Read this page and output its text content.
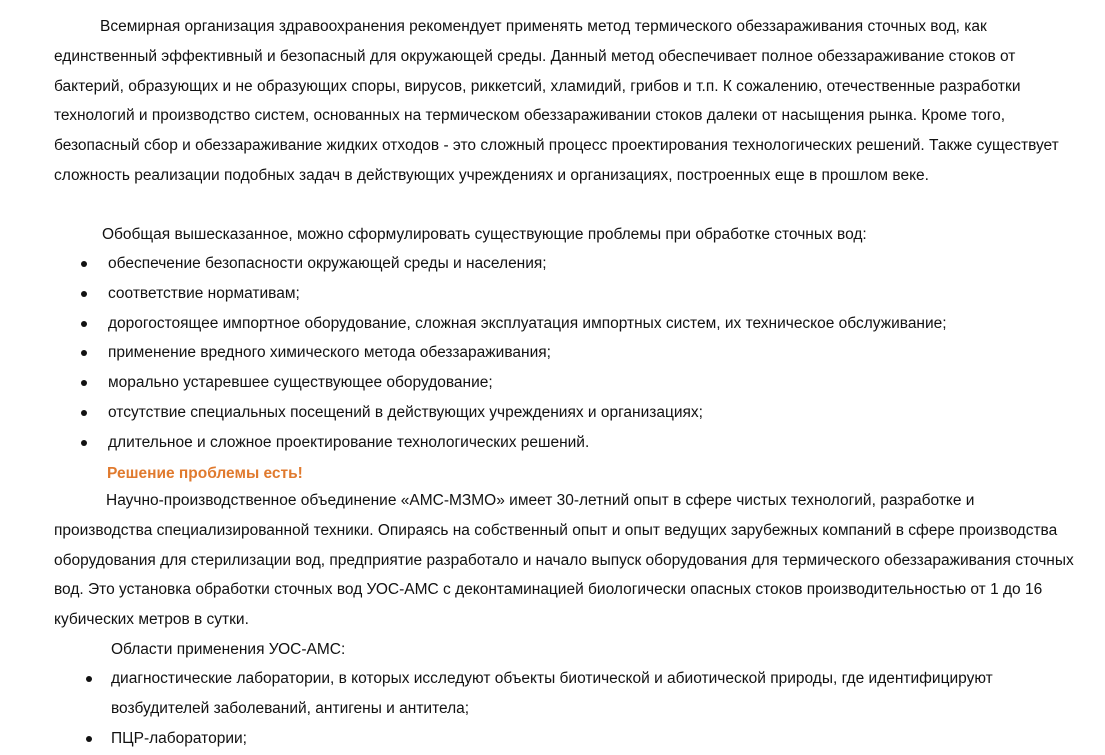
Всемирная организация здравоохранения рекомендует применять метод термического обеззараживания сточных вод, как единственный эффективный и безопасный для окружающей среды. Данный метод обеспечивает полное обеззараживание стоков от бактерий, образующих и не образующих споры, вирусов, риккетсий, хламидий, грибов и т.п. К сожалению, отечественные разработки технологий и производство систем, основанных на термическом обеззараживании стоков далеки от насыщения рынка. Кроме того, безопасный сбор и обеззараживание жидких отходов - это сложный процесс проектирования технологических решений. Также существует сложность реализации подобных задач в действующих учреждениях и организациях, построенных еще в прошлом веке.

Обобщая вышесказанное, можно сформулировать существующие проблемы при обработке сточных вод:

обеспечение безопасности окружающей среды и населения;
соответствие нормативам;
дорогостоящее импортное оборудование, сложная эксплуатация импортных систем, их техническое обслуживание;
применение вредного химического метода обеззараживания;
морально устаревшее существующее оборудование;
отсутствие специальных посещений в действующих учреждениях и организациях;
длительное и сложное проектирование технологических решений.

Решение проблемы есть!

Научно-производственное объединение «АМС-МЗМО» имеет 30-летний опыт в сфере чистых технологий, разработке и производства специализированной техники. Опираясь на собственный опыт и опыт ведущих зарубежных компаний в сфере производства оборудования для стерилизации вод, предприятие разработало и начало выпуск оборудования для термического обеззараживания сточных вод. Это установка обработки сточных вод УОС-АМС с деконтаминацией биологически опасных стоков производительностью от 1 до 16 кубических метров в сутки.

Области применения УОС-АМС:

диагностические лаборатории, в которых исследуют объекты биотической и абиотической природы, где идентифицируют возбудителей заболеваний, антигены и антитела;
ПЦР-лаборатории;
